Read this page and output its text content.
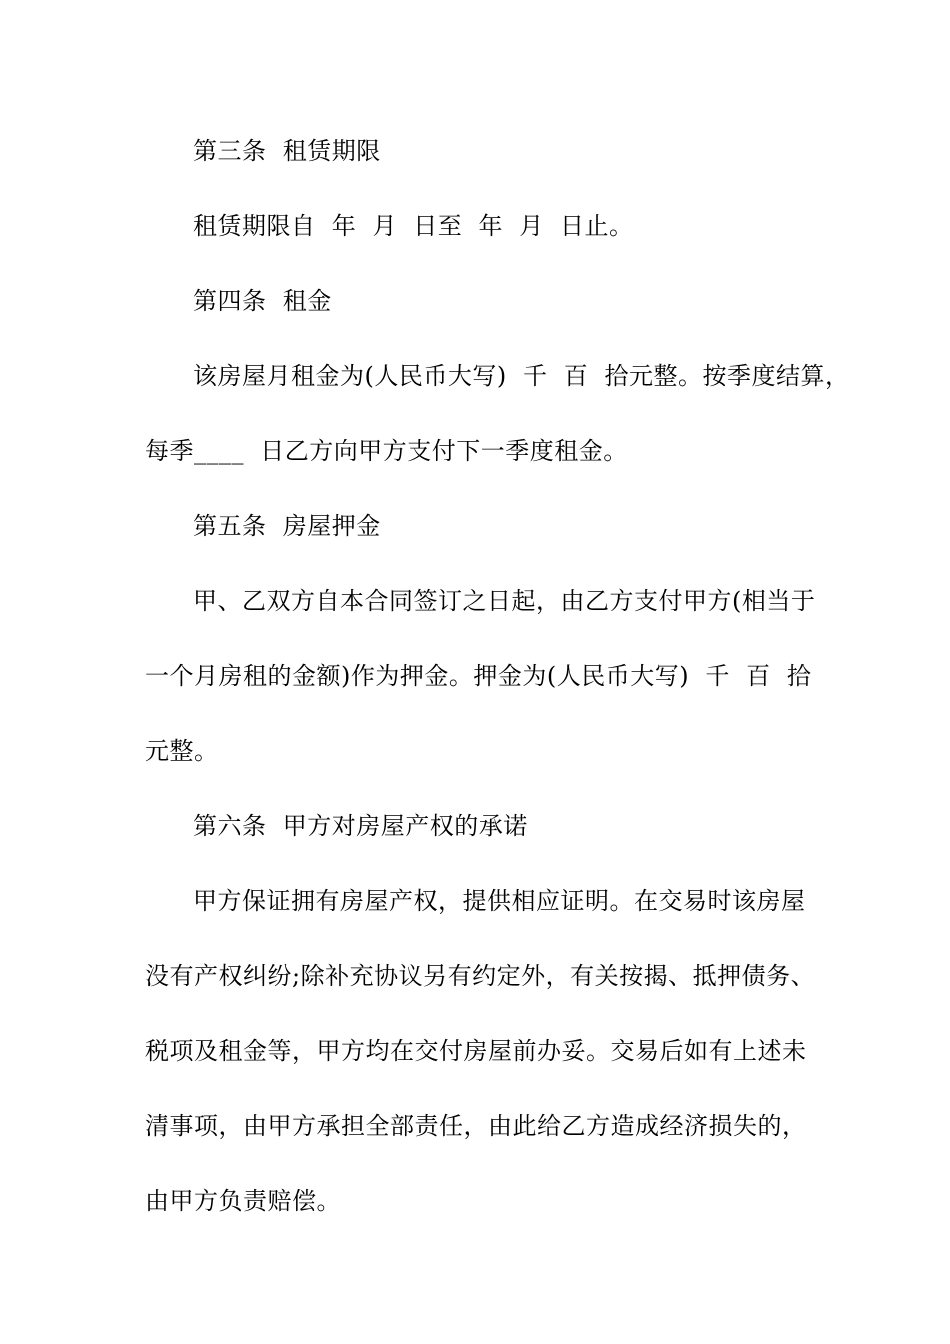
第三条  租赁期限
租赁期限自  年  月  日至  年  月  日止。
第四条  租金
该房屋月租金为(人民币大写)  千  百  拾元整。按季度结算，
每季____  日乙方向甲方支付下一季度租金。
第五条  房屋押金
甲、乙双方自本合同签订之日起，由乙方支付甲方(相当于
一个月房租的金额)作为押金。押金为(人民币大写)  千  百  拾
元整。
第六条  甲方对房屋产权的承诺
甲方保证拥有房屋产权，提供相应证明。在交易时该房屋
没有产权纠纷;除补充协议另有约定外，有关按揭、抵押债务、
税项及租金等，甲方均在交付房屋前办妥。交易后如有上述未
清事项，由甲方承担全部责任，由此给乙方造成经济损失的，
由甲方负责赔偿。
